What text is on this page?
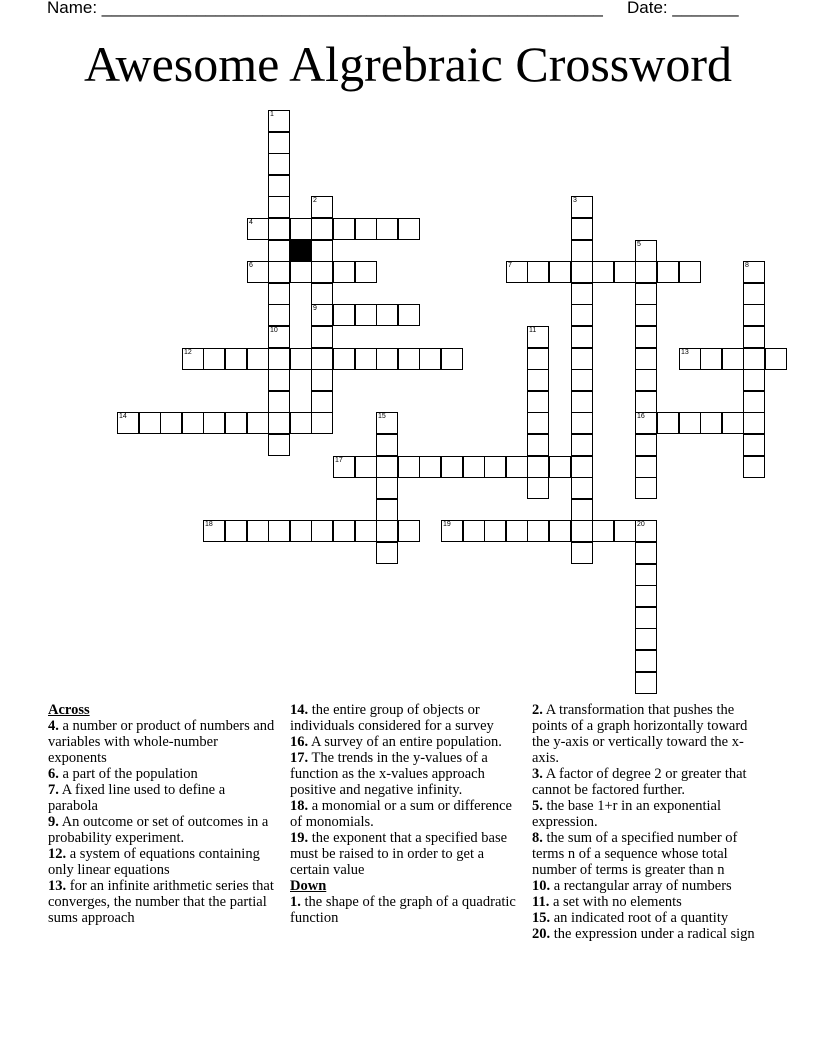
Name: _____________________________________________________ Date: _______
Awesome Algrebraic Crossword
1
10
2
9
3
4
5
16
6	7	8
11
12	13
14	15
17
18	19	20
Across

4. a number or product of numbers and variables with whole-number exponents

6. a part of the population

7. A fixed line used to define a parabola

9. An outcome or set of outcomes in a probability experiment.

12. a system of equations containing only linear equations

13. for an infinite arithmetic series that converges, the number that the partial sums approach

14. the entire group of objects or individuals considered for a survey

16. A survey of an entire population.

17. The trends in the y-values of a function as the x-values approach positive and negative infinity.

18. a monomial or a sum or difference of monomials.

19. the exponent that a specified base must be raised to in order to get a certain value

Down

1. the shape of the graph of a quadratic function

2. A transformation that pushes the points of a graph horizontally toward the y-axis or vertically toward the x-axis.

3. A factor of degree 2 or greater that cannot be factored further.

5. the base 1+r in an exponential expression.

8. the sum of a specified number of terms n of a sequence whose total number of terms is greater than n

10. a rectangular array of numbers

11. a set with no elements

15. an indicated root of a quantity

20. the expression under a radical sign
